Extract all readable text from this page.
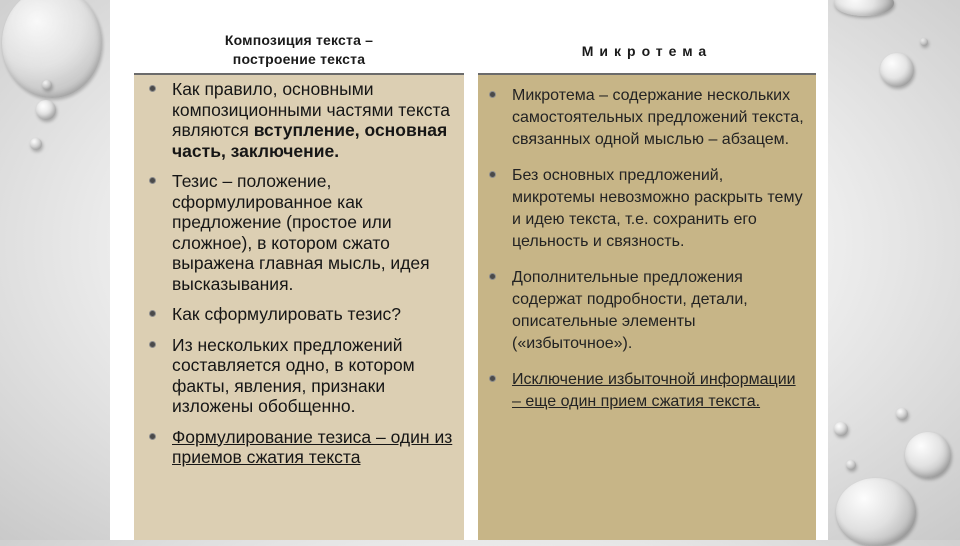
Композиция текста –
построение текста	Микротема
Как правило, основными композиционными частями текста являются вступление, основная часть, заключение.
Тезис – положение, сформулированное как предложение (простое или сложное), в котором сжато выражена главная мысль, идея высказывания.
Как сформулировать тезис?
Из нескольких предложений составляется одно, в котором факты, явления, признаки изложены обобщенно.
Формулирование тезиса – один из приемов сжатия текста
Микротема – содержание нескольких самостоятельных предложений текста, связанных одной мыслью – абзацем.
Без основных предложений, микротемы невозможно раскрыть тему и идею текста, т.е. сохранить его цельность и связность.
Дополнительные предложения содержат подробности, детали, описательные элементы («избыточное»).
Исключение избыточной информации – еще один прием сжатия текста.
